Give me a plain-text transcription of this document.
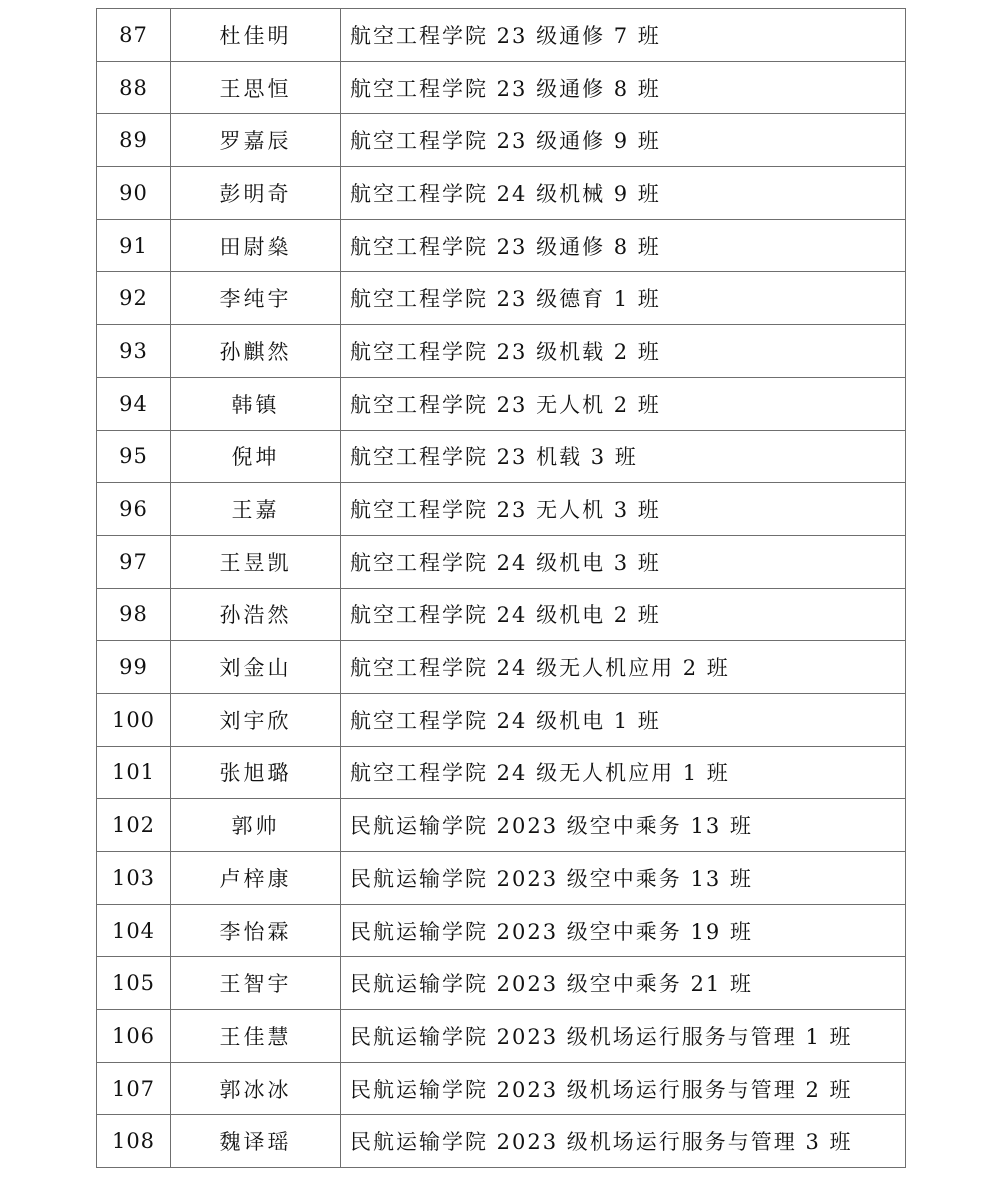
87	杜佳明	航空工程学院 23 级通修 7 班
88	王思恒	航空工程学院 23 级通修 8 班
89	罗嘉辰	航空工程学院 23 级通修 9 班
90	彭明奇	航空工程学院 24 级机械 9 班
91	田尉燊	航空工程学院 23 级通修 8 班
92	李纯宇	航空工程学院 23 级德育 1 班
93	孙麒然	航空工程学院 23 级机载 2 班
94	韩镇	航空工程学院 23 无人机 2 班
95	倪坤	航空工程学院 23 机载 3 班
96	王嘉	航空工程学院 23 无人机 3 班
97	王昱凯	航空工程学院 24 级机电 3 班
98	孙浩然	航空工程学院 24 级机电 2 班
99	刘金山	航空工程学院 24 级无人机应用 2 班
100	刘宇欣	航空工程学院 24 级机电 1 班
101	张旭璐	航空工程学院 24 级无人机应用 1 班
102	郭帅	民航运输学院 2023 级空中乘务 13 班
103	卢梓康	民航运输学院 2023 级空中乘务 13 班
104	李怡霖	民航运输学院 2023 级空中乘务 19 班
105	王智宇	民航运输学院 2023 级空中乘务 21 班
106	王佳慧	民航运输学院 2023 级机场运行服务与管理 1 班
107	郭冰冰	民航运输学院 2023 级机场运行服务与管理 2 班
108	魏译瑶	民航运输学院 2023 级机场运行服务与管理 3 班
